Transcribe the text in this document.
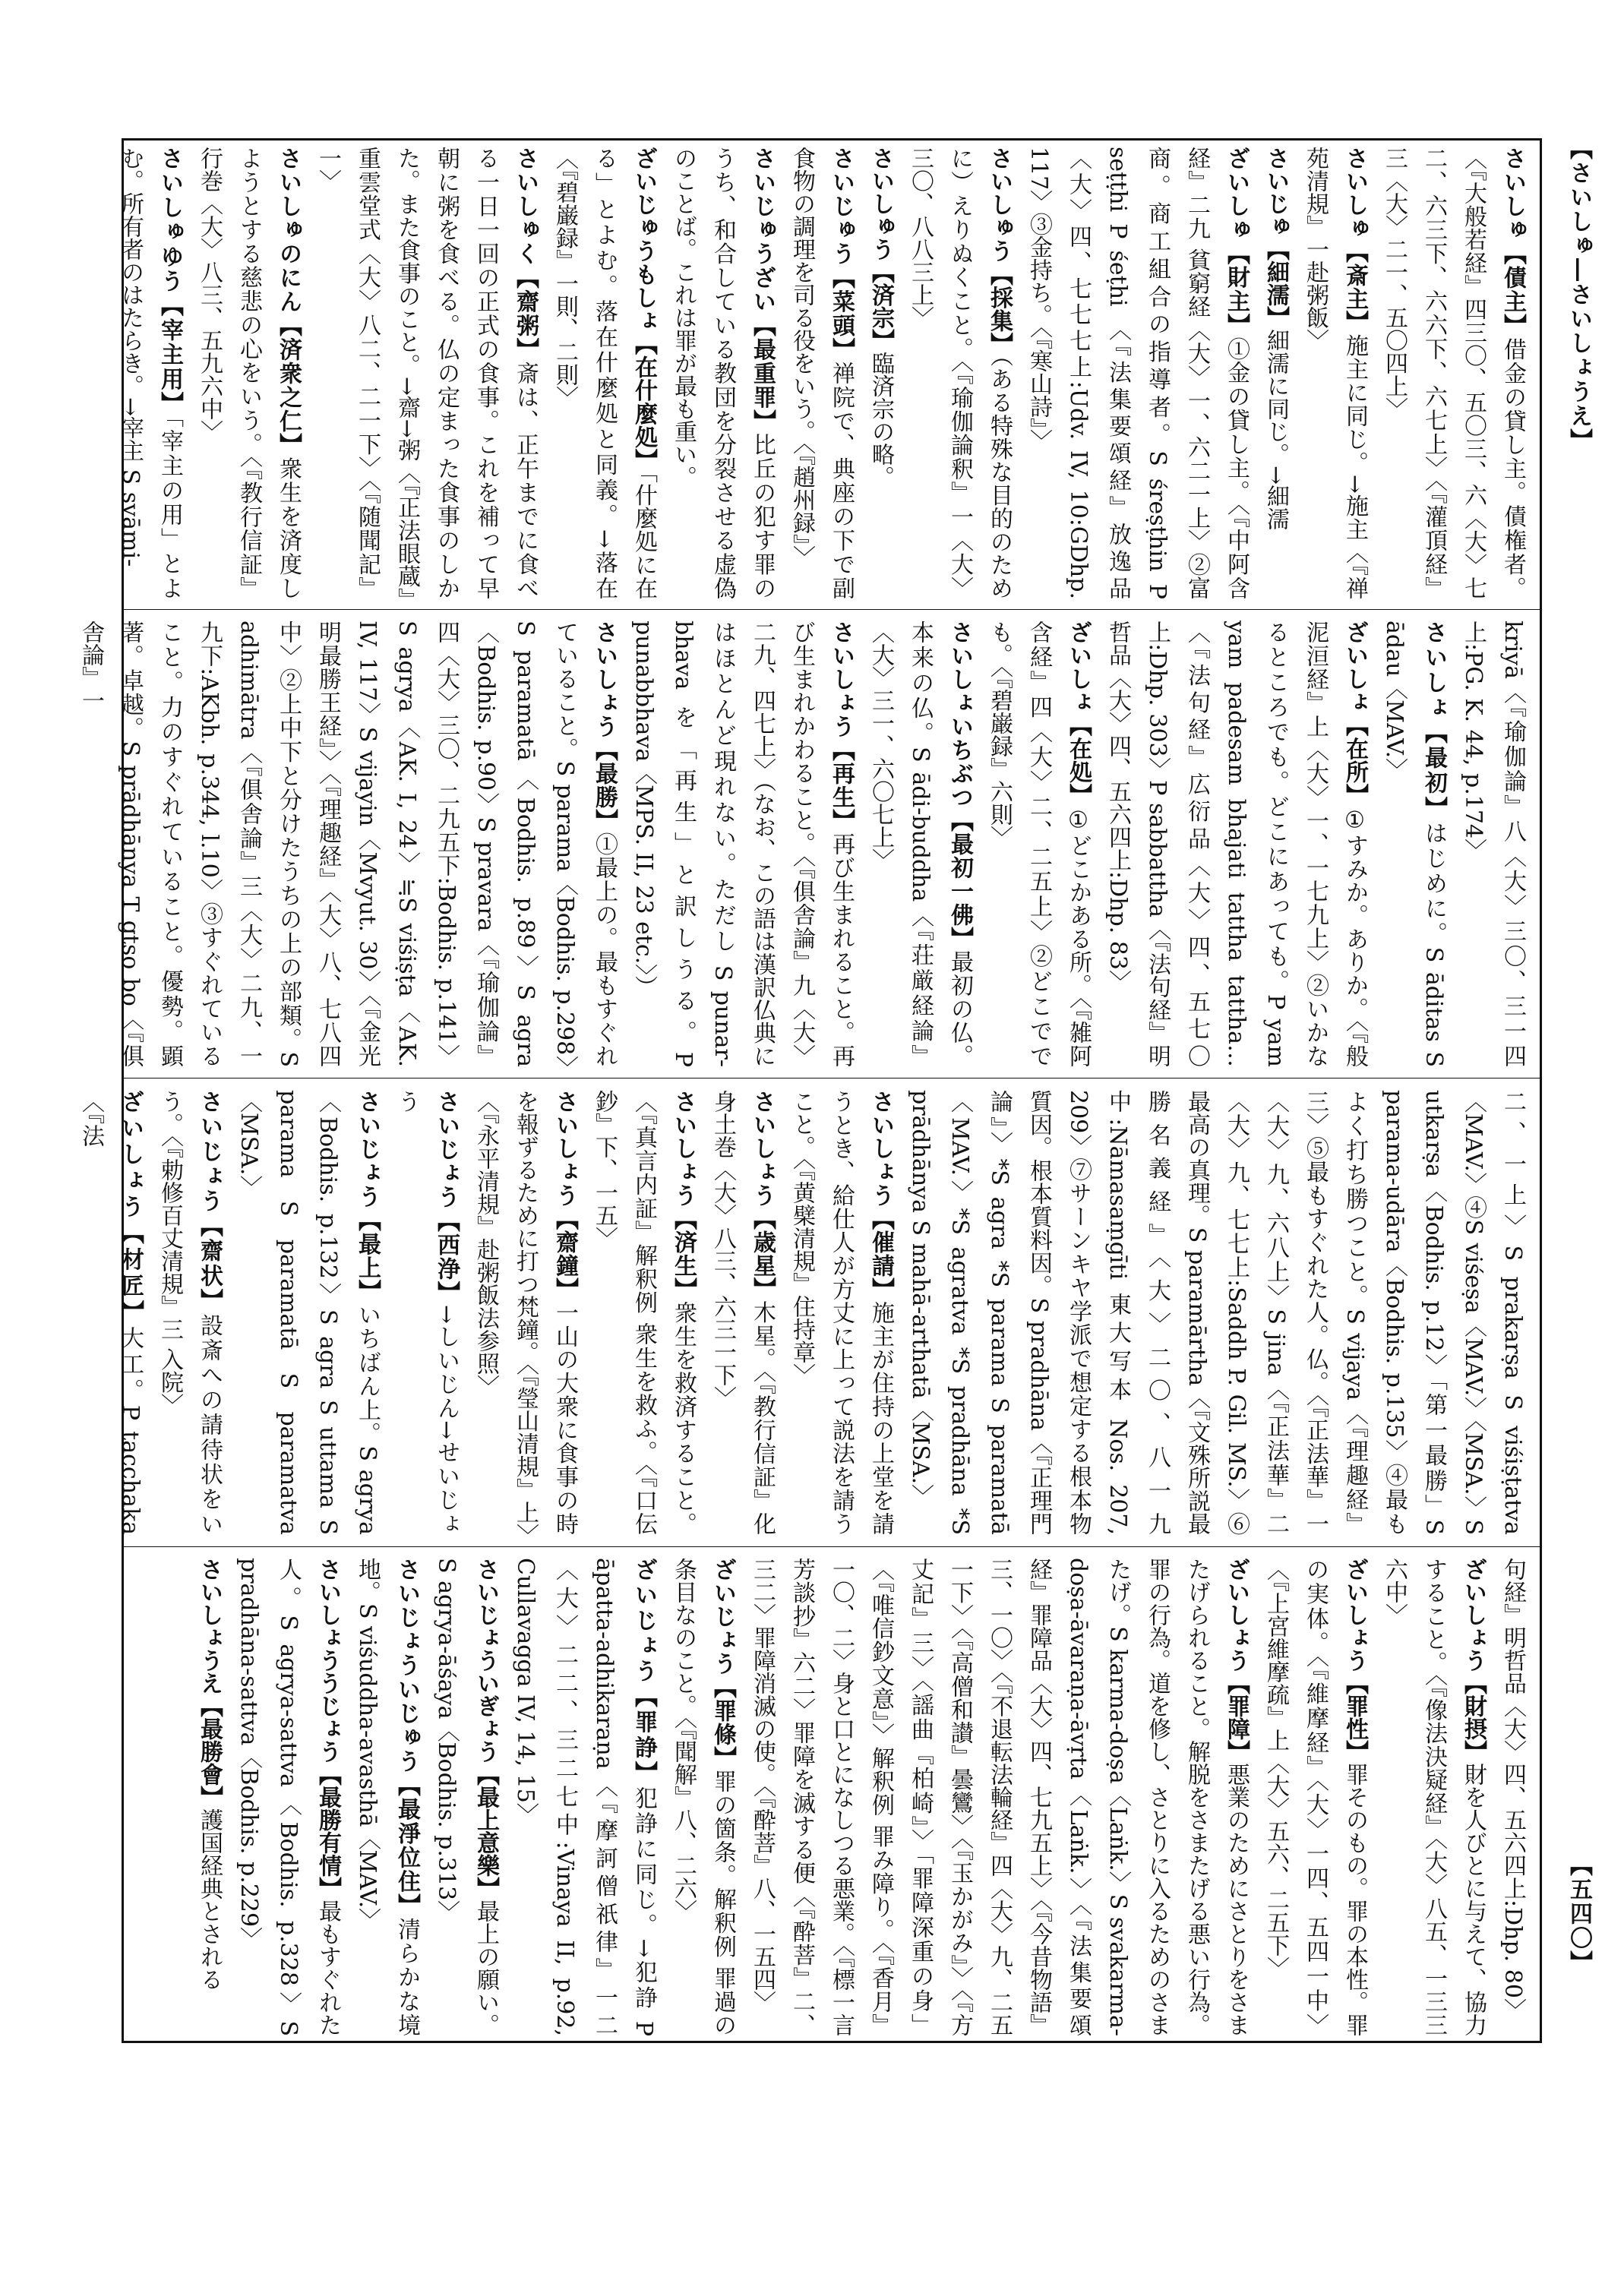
【さいしゅ―さいしょうえ】
【五四〇】

さいしゅ【債主】借金の貸し主。債権者。〈『大般若経』四三〇、五〇三、六〈大〉七二、六三下、六六下、六七上〉〈『灌頂経』三〈大〉二一、五〇四上〉

さいしゅ【斎主】施主に同じ。→施主〈『禅苑清規』一赴粥飯〉

さいじゅ【細濡】細濡に同じ。→細濡

ざいしゅ【財主】①金の貸し主。〈『中阿含経』二九 貧窮経〈大〉一、六二一上〉②富商。商工組合の指導者。S śreṣṭhin P seṭṭhi P śeṭhi 〈『法集要頌経』放逸品〈大〉四、七七七上:Udv. IV, 10:GDhp. 117〉③金持ち。〈『寒山詩』〉

さいしゅう【採集】（ある特殊な目的のために）えりぬくこと。〈『瑜伽論釈』一〈大〉三〇、八八三上〉

さいしゅう【済宗】臨済宗の略。

さいじゅう【菜頭】禅院で、典座の下で副食物の調理を司る役をいう。〈『趙州録』〉

さいじゅうざい【最重罪】比丘の犯す罪のうち、和合している教団を分裂させる虚偽のことば。これは罪が最も重い。

ざいじゅうもしょ【在什麼処】「什麼処に在る」とよむ。落在什麼処と同義。→落在〈『碧巌録』一則、二則〉

さいしゅく【齋粥】斎は、正午までに食べる一日一回の正式の食事。これを補って早朝に粥を食べる。仏の定まった食事のしかた。また食事のこと。→齋→粥〈『正法眼蔵』重雲堂式〈大〉八二、二一下〉〈『随聞記』一〉

さいしゅのにん【済衆之仁】衆生を済度しようとする慈悲の心をいう。〈『教行信証』行巻〈大〉八三、五九六中〉

さいしゅゆう【宰主用】「宰主の用」とよむ。所有者のはたらき。→宰主 S svāmi-

kriyā〈『瑜伽論』八〈大〉三〇、三一四上:PG. K. 44, p.174〉

さいしょ【最初】はじめに。S āditas S ādau〈MAV.〉

ざいしょ【在所】①すみか。ありか。〈『般泥洹経』上〈大〉一、一七九上〉②いかなるところでも。どこにあっても。P yam yam padesam bhajati tattha tattha…〈『法句経』広衍品〈大〉四、五七〇上:Dhp. 303〉P sabbattha〈『法句経』明哲品〈大〉四、五六四上:Dhp. 83〉

ざいしょ【在処】①どこかある所。〈『雑阿含経』四〈大〉二、二五上〉②どこででも。〈『碧巌録』六則〉

さいしょいちぶつ【最初一佛】最初の仏。本来の仏。S ādi-buddha〈『荘厳経論』〈大〉三一、六〇七上〉

さいしょう【再生】再び生まれること。再び生まれかわること。〈『俱舎論』九〈大〉二九、四七上〉（なお、この語は漢訳仏典にはほとんど現れない。ただし S punar-bhava を「再生」と訳しうる。P punabbhava〈MPS. II, 23 etc.〉）

さいしょう【最勝】①最上の。最もすぐれていること。S parama〈Bodhis. p.298〉S paramatā〈Bodhis. p.89〉S agra〈Bodhis. p.90〉S pravara〈『瑜伽論』四〈大〉三〇、二九五下:Bodhis. p.141〉S agrya〈AK. I, 24〉≒S viśiṣṭa〈AK. IV, 117〉S vijayin〈Mvyut. 30〉〈『金光明最勝王経』〉〈『理趣経』〈大〉八、七八四中〉②上中下と分けたうちの上の部類。S adhimātra〈『俱舎論』三〈大〉二九、一九下:AKbh. p.344, l.10〉③すぐれていること。力のすぐれていること。優勢。顕著。卓越。S prādhānya T gtso bo〈『俱舎論』一

二、一上〉S prakarṣa S viśiṣṭatva〈MAV.〉④S viśeṣa〈MAV.〉〈MSA.〉S utkarṣa〈Bodhis. p.12〉「第一最勝」S parama-udāra〈Bodhis. p.135〉④最もよく打ち勝つこと。S vijaya〈『理趣経』三〉⑤最もすぐれた人。仏。〈『正法華』一〈大〉九、六八上〉S jina〈『正法華』二〈大〉九、七七上:Saddh P. Gil. MS.〉⑥最高の真理。S paramārtha〈『文殊所説最勝名義経』〈大〉二〇、八一九中:Nāmasaṃgīti 東大写本 Nos. 207, 209〉⑦サーンキヤ学派で想定する根本物質因。根本質料因。S pradhāna〈『正理門論』〉*S agra *S parama S paramatā〈MAV.〉*S agratva *S pradhāna *S prādhānya S mahā-arthatā〈MSA.〉

さいしょう【催請】施主が住持の上堂を請うとき、給仕人が方丈に上って説法を請うこと。〈『黄檗清規』住持章〉

さいしょう【歳星】木星。〈『教行信証』化身土巻〈大〉八三、六三一下〉

さいしょう【済生】衆生を救済すること。〈『真言内証』解釈例 衆生を救ふ。〈『口伝鈔』下、一五〉

さいしょう【齋鐘】一山の大衆に食事の時を報ずるために打つ梵鐘。〈『瑩山清規』上〉〈『永平清規』赴粥飯法参照〉

さいじょう【西浄】→しいじん→せいじょう

さいじょう【最上】いちばん上。S agrya〈Bodhis. p.132〉S agra S uttama S parama S paramatā S paramatva〈MSA.〉

さいじょう【齋状】設斎への請待状をいう。〈『勅修百丈清規』三 入院〉

ざいしょう【材匠】大工。P tacchaka〈『法

句経』明哲品〈大〉四、五六四上:Dhp. 80〉

ざいしょう【財摂】財を人びとに与えて、協力すること。〈『像法決疑経』〈大〉八五、一三三六中〉

ざいしょう【罪性】罪そのもの。罪の本性。罪の実体。〈『維摩経』〈大〉一四、五四一中〉〈『上宮維摩疏』上〈大〉五六、二五下〉

ざいしょう【罪障】悪業のためにさとりをさまたげられること。解脱をさまたげる悪い行為。罪の行為。道を修し、さとりに入るためのさまたげ。S karma-doṣa〈Laṅk.〉S svakarma-doṣa-āvaraṇa-āvṛta〈Laṅk.〉〈『法集要頌経』罪障品〈大〉四、七九五上〉〈『今昔物語』三、一〇〉〈『不退転法輪経』四〈大〉九、二五一下〉〈『高僧和讃』曇鸞〉〈『玉かがみ』〉〈『方丈記』三〉〈謡曲『柏崎』〉「罪障深重の身」〈『唯信鈔文意』〉解釈例 罪み障り。〈『香月』一〇、二〉身と口とになしつる悪業。〈『標一言芳談抄』六二〉罪障を滅する便〈『酔菩』二、三二〉罪障消滅の使。〈『酔菩』八、一五四〉

ざいじょう【罪條】罪の箇条。解釈例 罪過の条目なのこと。〈『聞解』八、二六〉

ざいじょう【罪諍】犯諍に同じ。→犯諍 P āpatta-adhikaraṇa〈『摩訶僧祇律』一二〈大〉二二、三二七中:Vinaya II, p.92, Cullavagga IV, 14, 15〉

さいじょういぎょう【最上意樂】最上の願い。S agrya-āśaya〈Bodhis. p.313〉

さいじょういじゅう【最淨位住】清らかな境地。S viśuddha-avasthā〈MAV.〉

さいしょううじょう【最勝有情】最もすぐれた人。S agrya-sattva〈Bodhis. p.328〉S pradhāna-sattva〈Bodhis. p.229〉

さいしょうえ【最勝會】護国経典とされる
